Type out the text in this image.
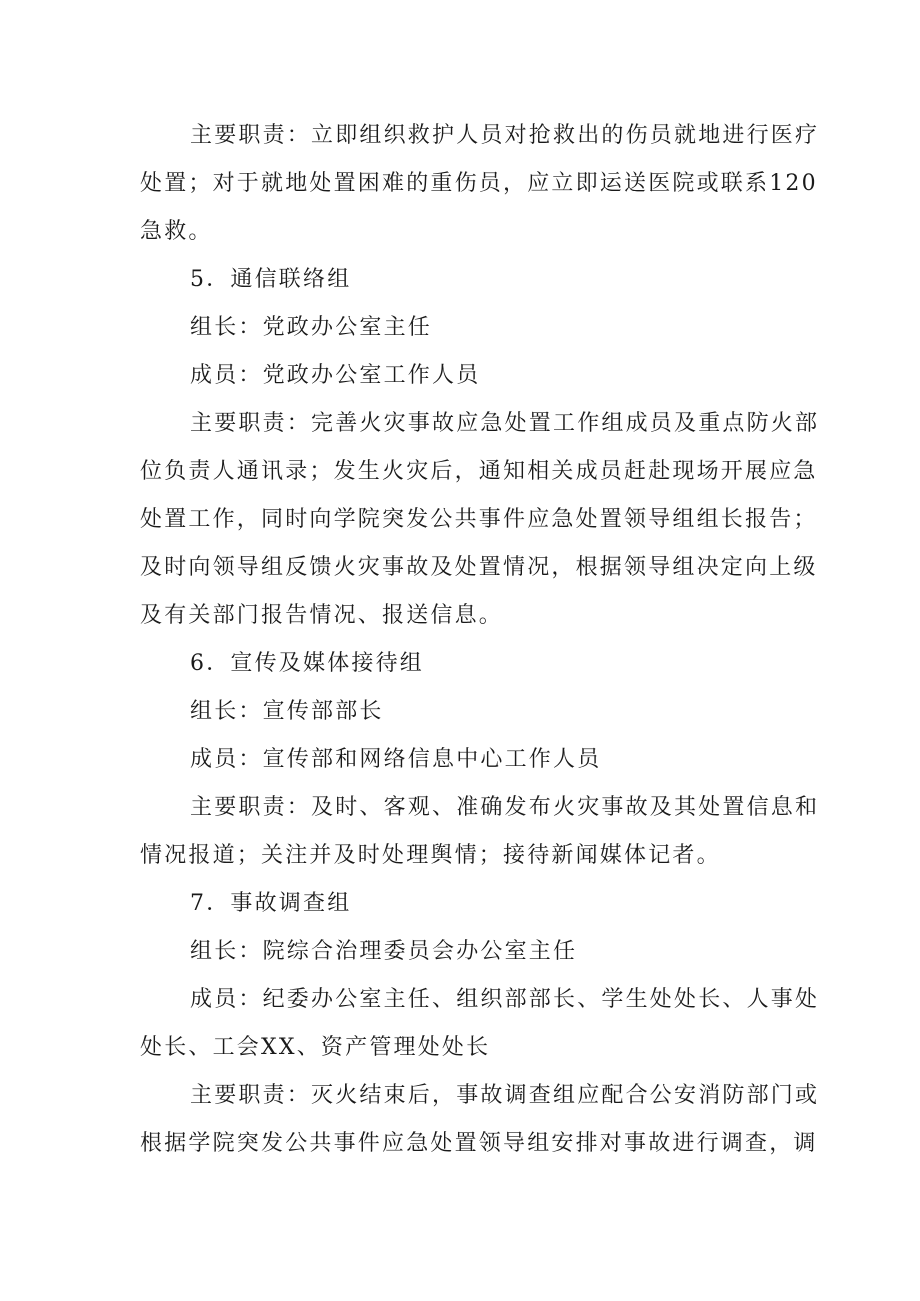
主要职责：立即组织救护人员对抢救出的伤员就地进行医疗
处置；对于就地处置困难的重伤员，应立即运送医院或联系120
急救。
5．通信联络组
组长：党政办公室主任
成员：党政办公室工作人员
主要职责：完善火灾事故应急处置工作组成员及重点防火部
位负责人通讯录；发生火灾后，通知相关成员赶赴现场开展应急
处置工作，同时向学院突发公共事件应急处置领导组组长报告；
及时向领导组反馈火灾事故及处置情况，根据领导组决定向上级
及有关部门报告情况、报送信息。
6．宣传及媒体接待组
组长：宣传部部长
成员：宣传部和网络信息中心工作人员
主要职责：及时、客观、准确发布火灾事故及其处置信息和
情况报道；关注并及时处理舆情；接待新闻媒体记者。
7．事故调查组
组长：院综合治理委员会办公室主任
成员：纪委办公室主任、组织部部长、学生处处长、人事处
处长、工会XX、资产管理处处长
主要职责：灭火结束后，事故调查组应配合公安消防部门或
根据学院突发公共事件应急处置领导组安排对事故进行调查，调
